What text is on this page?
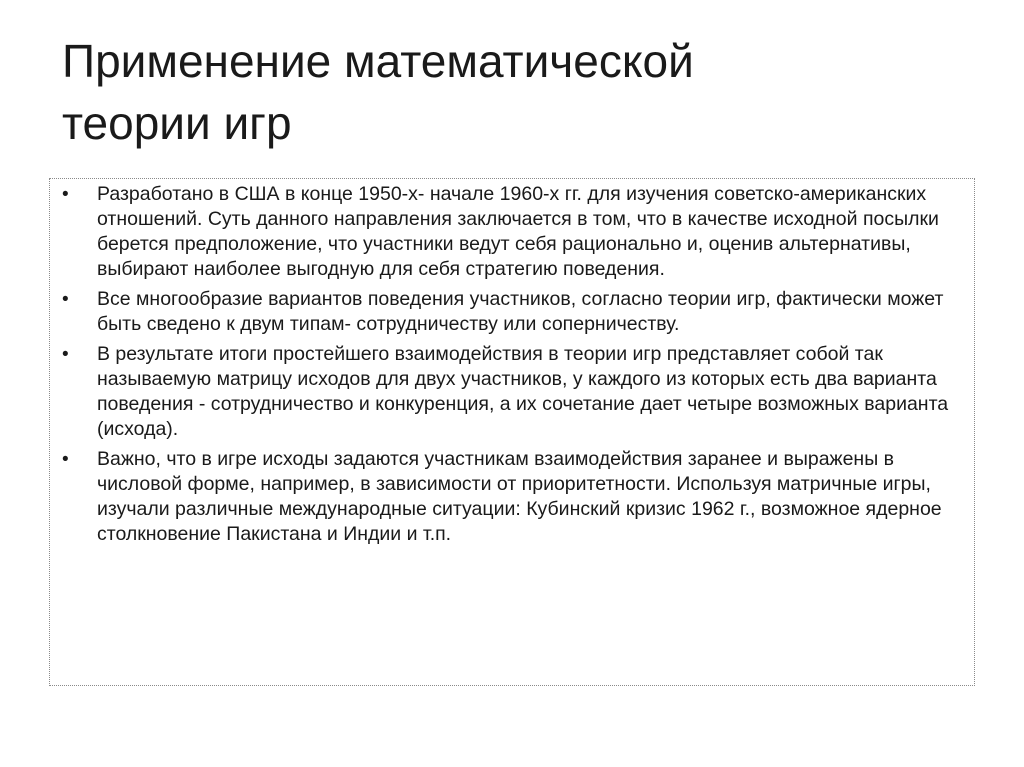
Применение математической
теории игр
• Разработано в США в конце 1950-х- начале 1960-х гг. для изучения советско-американских отношений. Суть данного направления заключается в том, что в качестве исходной посылки берется предположение, что участники ведут себя рационально и, оценив альтернативы, выбирают наиболее выгодную для себя стратегию поведения.
• Все многообразие вариантов поведения участников, согласно теории игр, фактически может быть сведено к двум типам- сотрудничеству или соперничеству.
• В результате итоги простейшего взаимодействия в теории игр представляет собой так называемую матрицу исходов для двух участников, у каждого из которых есть два варианта поведения - сотрудничество и конкуренция, а их сочетание дает четыре возможных варианта (исхода).
• Важно, что в игре исходы задаются участникам взаимодействия заранее и выражены в числовой форме, например, в зависимости от приоритетности. Используя матричные игры, изучали различные международные ситуации: Кубинский кризис 1962 г., возможное ядерное столкновение Пакистана и Индии и т.п.
